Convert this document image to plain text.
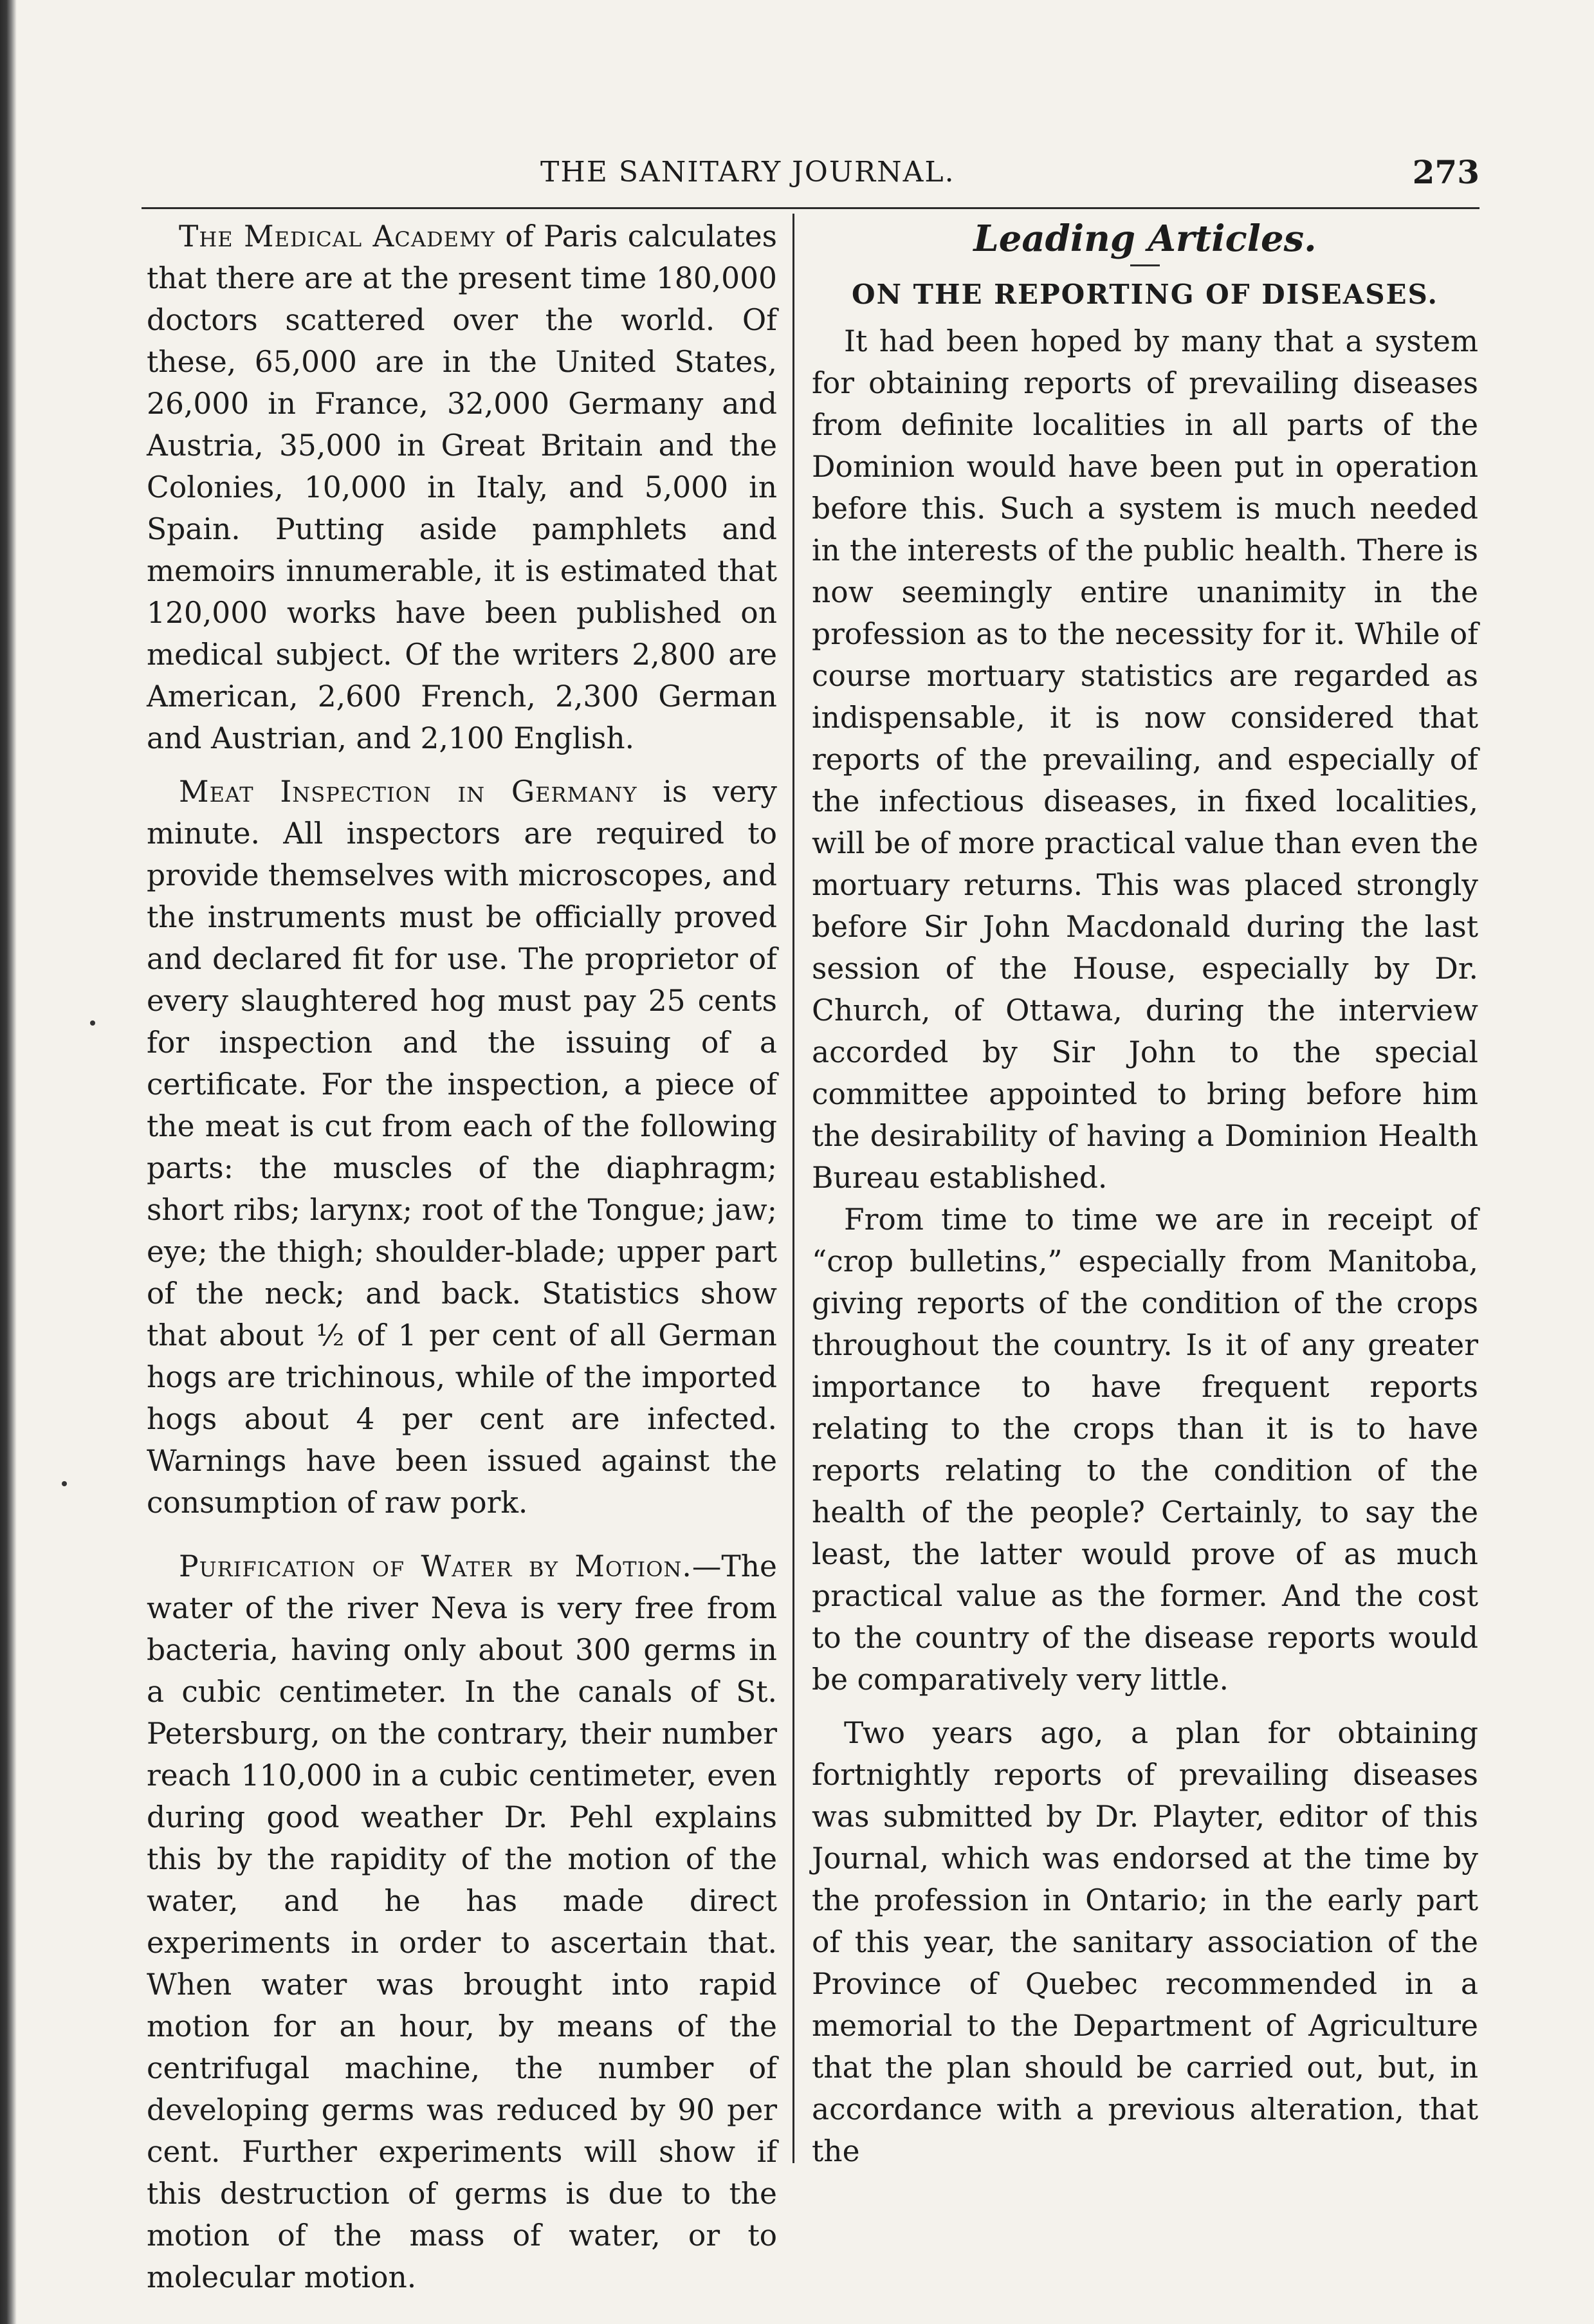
THE SANITARY JOURNAL.	273

The Medical Academy of Paris calculates that there are at the present time 180,000 doctors scattered over the world. Of these, 65,000 are in the United States, 26,000 in France, 32,000 Germany and Austria, 35,000 in Great Britain and the Colonies, 10,000 in Italy, and 5,000 in Spain. Putting aside pamphlets and memoirs innumerable, it is estimated that 120,000 works have been published on medical subject. Of the writers 2,800 are American, 2,600 French, 2,300 German and Austrian, and 2,100 English.

Meat Inspection in Germany is very minute. All inspectors are required to provide themselves with microscopes, and the instruments must be officially proved and declared fit for use. The proprietor of every slaughtered hog must pay 25 cents for inspection and the issuing of a certificate. For the inspection, a piece of the meat is cut from each of the following parts: the muscles of the diaphragm; short ribs; larynx; root of the Tongue; jaw; eye; the thigh; shoulder-blade; upper part of the neck; and back. Statistics show that about ½ of 1 per cent of all German hogs are trichinous, while of the imported hogs about 4 per cent are infected. Warnings have been issued against the consumption of raw pork.

Purification of Water by Motion.—The water of the river Neva is very free from bacteria, having only about 300 germs in a cubic centimeter. In the canals of St. Petersburg, on the contrary, their number reach 110,000 in a cubic centimeter, even during good weather Dr. Pehl explains this by the rapidity of the motion of the water, and he has made direct experiments in order to ascertain that. When water was brought into rapid motion for an hour, by means of the centrifugal machine, the number of developing germs was reduced by 90 per cent. Further experiments will show if this destruction of germs is due to the motion of the mass of water, or to molecular motion.

Leading Articles.
ON THE REPORTING OF DISEASES.

It had been hoped by many that a system for obtaining reports of prevailing diseases from definite localities in all parts of the Dominion would have been put in operation before this. Such a system is much needed in the interests of the public health. There is now seemingly entire unanimity in the profession as to the necessity for it. While of course mortuary statistics are regarded as indispensable, it is now considered that reports of the prevailing, and especially of the infectious diseases, in fixed localities, will be of more practical value than even the mortuary returns. This was placed strongly before Sir John Macdonald during the last session of the House, especially by Dr. Church, of Ottawa, during the interview accorded by Sir John to the special committee appointed to bring before him the desirability of having a Dominion Health Bureau established.

From time to time we are in receipt of “crop bulletins,” especially from Manitoba, giving reports of the condition of the crops throughout the country. Is it of any greater importance to have frequent reports relating to the crops than it is to have reports relating to the condition of the health of the people? Certainly, to say the least, the latter would prove of as much practical value as the former. And the cost to the country of the disease reports would be comparatively very little.

Two years ago, a plan for obtaining fortnightly reports of prevailing diseases was submitted by Dr. Playter, editor of this Journal, which was endorsed at the time by the profession in Ontario; in the early part of this year, the sanitary association of the Province of Quebec recommended in a memorial to the Department of Agriculture that the plan should be carried out, but, in accordance with a previous alteration, that the
